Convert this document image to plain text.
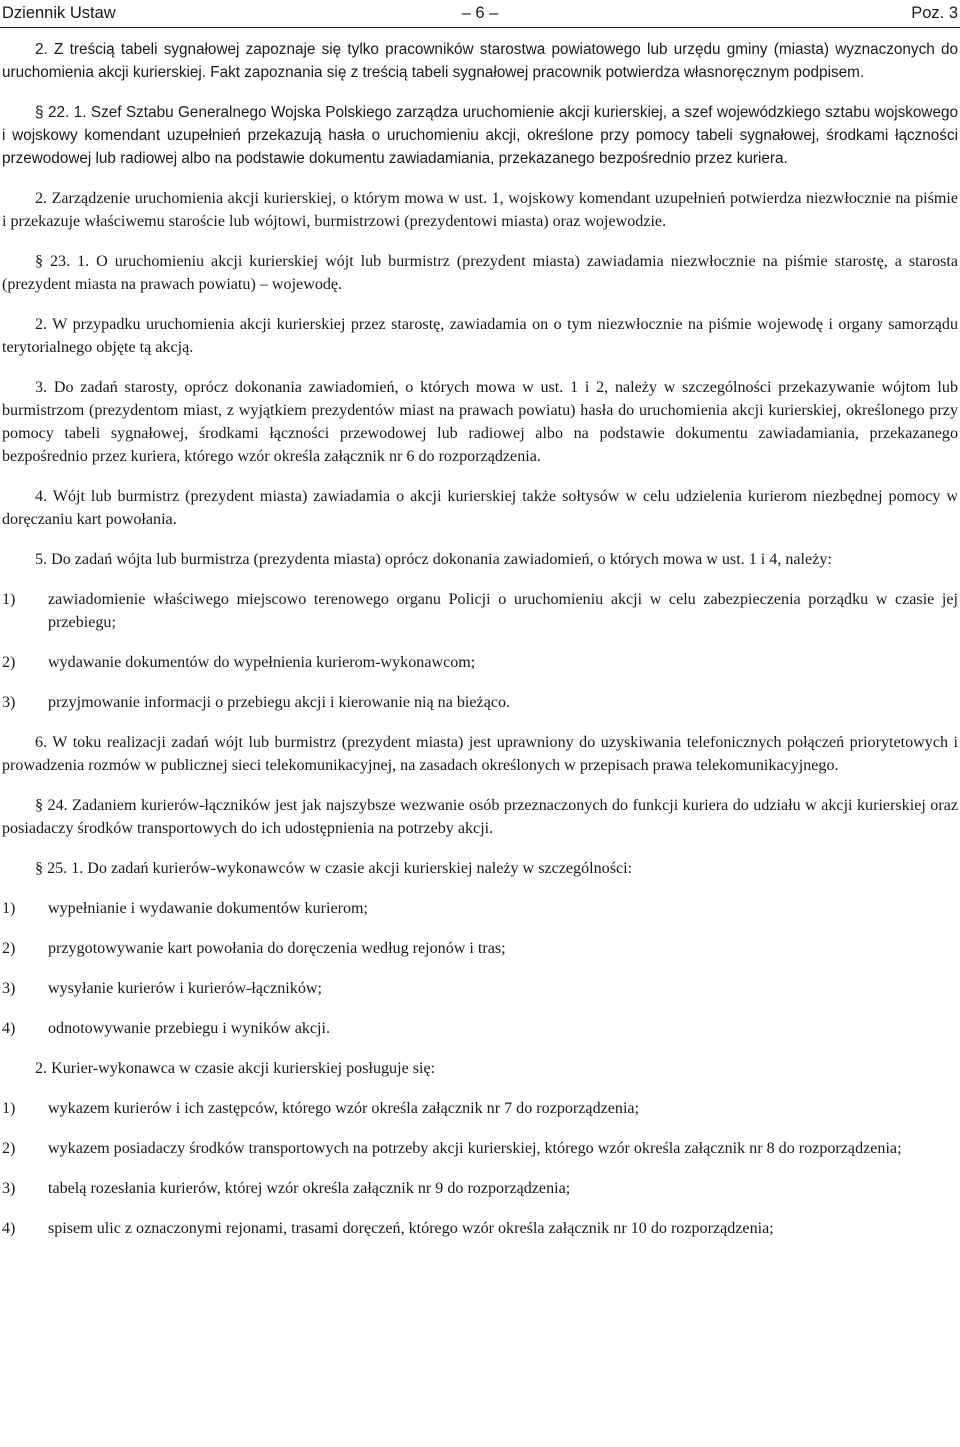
Dziennik Ustaw	– 6 –	Poz. 3

2. Z treścią tabeli sygnałowej zapoznaje się tylko pracowników starostwa powiatowego lub urzędu gminy (miasta) wyznaczonych do uruchomienia akcji kurierskiej. Fakt zapoznania się z treścią tabeli sygnałowej pracownik potwierdza własnoręcznym podpisem.

§ 22. 1. Szef Sztabu Generalnego Wojska Polskiego zarządza uruchomienie akcji kurierskiej, a szef wojewódzkiego sztabu wojskowego i wojskowy komendant uzupełnień przekazują hasła o uruchomieniu akcji, określone przy pomocy tabeli sygnałowej, środkami łączności przewodowej lub radiowej albo na podstawie dokumentu zawiadamiania, przekazanego bezpośrednio przez kuriera.

2. Zarządzenie uruchomienia akcji kurierskiej, o którym mowa w ust. 1, wojskowy komendant uzupełnień potwierdza niezwłocznie na piśmie i przekazuje właściwemu staroście lub wójtowi, burmistrzowi (prezydentowi miasta) oraz wojewodzie.

§ 23. 1. O uruchomieniu akcji kurierskiej wójt lub burmistrz (prezydent miasta) zawiadamia niezwłocznie na piśmie starostę, a starosta (prezydent miasta na prawach powiatu) – wojewodę.

2. W przypadku uruchomienia akcji kurierskiej przez starostę, zawiadamia on o tym niezwłocznie na piśmie wojewodę i organy samorządu terytorialnego objęte tą akcją.

3. Do zadań starosty, oprócz dokonania zawiadomień, o których mowa w ust. 1 i 2, należy w szczególności przekazywanie wójtom lub burmistrzom (prezydentom miast, z wyjątkiem prezydentów miast na prawach powiatu) hasła do uruchomienia akcji kurierskiej, określonego przy pomocy tabeli sygnałowej, środkami łączności przewodowej lub radiowej albo na podstawie dokumentu zawiadamiania, przekazanego bezpośrednio przez kuriera, którego wzór określa załącznik nr 6 do rozporządzenia.

4. Wójt lub burmistrz (prezydent miasta) zawiadamia o akcji kurierskiej także sołtysów w celu udzielenia kurierom niezbędnej pomocy w doręczaniu kart powołania.

5. Do zadań wójta lub burmistrza (prezydenta miasta) oprócz dokonania zawiadomień, o których mowa w ust. 1 i 4, należy:

1) zawiadomienie właściwego miejscowo terenowego organu Policji o uruchomieniu akcji w celu zabezpieczenia porządku w czasie jej przebiegu;
2) wydawanie dokumentów do wypełnienia kurierom-wykonawcom;
3) przyjmowanie informacji o przebiegu akcji i kierowanie nią na bieżąco.

6. W toku realizacji zadań wójt lub burmistrz (prezydent miasta) jest uprawniony do uzyskiwania telefonicznych połączeń priorytetowych i prowadzenia rozmów w publicznej sieci telekomunikacyjnej, na zasadach określonych w przepisach prawa telekomunikacyjnego.

§ 24. Zadaniem kurierów-łączników jest jak najszybsze wezwanie osób przeznaczonych do funkcji kuriera do udziału w akcji kurierskiej oraz posiadaczy środków transportowych do ich udostępnienia na potrzeby akcji.

§ 25. 1. Do zadań kurierów-wykonawców w czasie akcji kurierskiej należy w szczególności:

1) wypełnianie i wydawanie dokumentów kurierom;
2) przygotowywanie kart powołania do doręczenia według rejonów i tras;
3) wysyłanie kurierów i kurierów-łączników;
4) odnotowywanie przebiegu i wyników akcji.

2. Kurier-wykonawca w czasie akcji kurierskiej posługuje się:

1) wykazem kurierów i ich zastępców, którego wzór określa załącznik nr 7 do rozporządzenia;
2) wykazem posiadaczy środków transportowych na potrzeby akcji kurierskiej, którego wzór określa załącznik nr 8 do rozporządzenia;
3) tabelą rozesłania kurierów, której wzór określa załącznik nr 9 do rozporządzenia;
4) spisem ulic z oznaczonymi rejonami, trasami doręczeń, którego wzór określa załącznik nr 10 do rozporządzenia;
